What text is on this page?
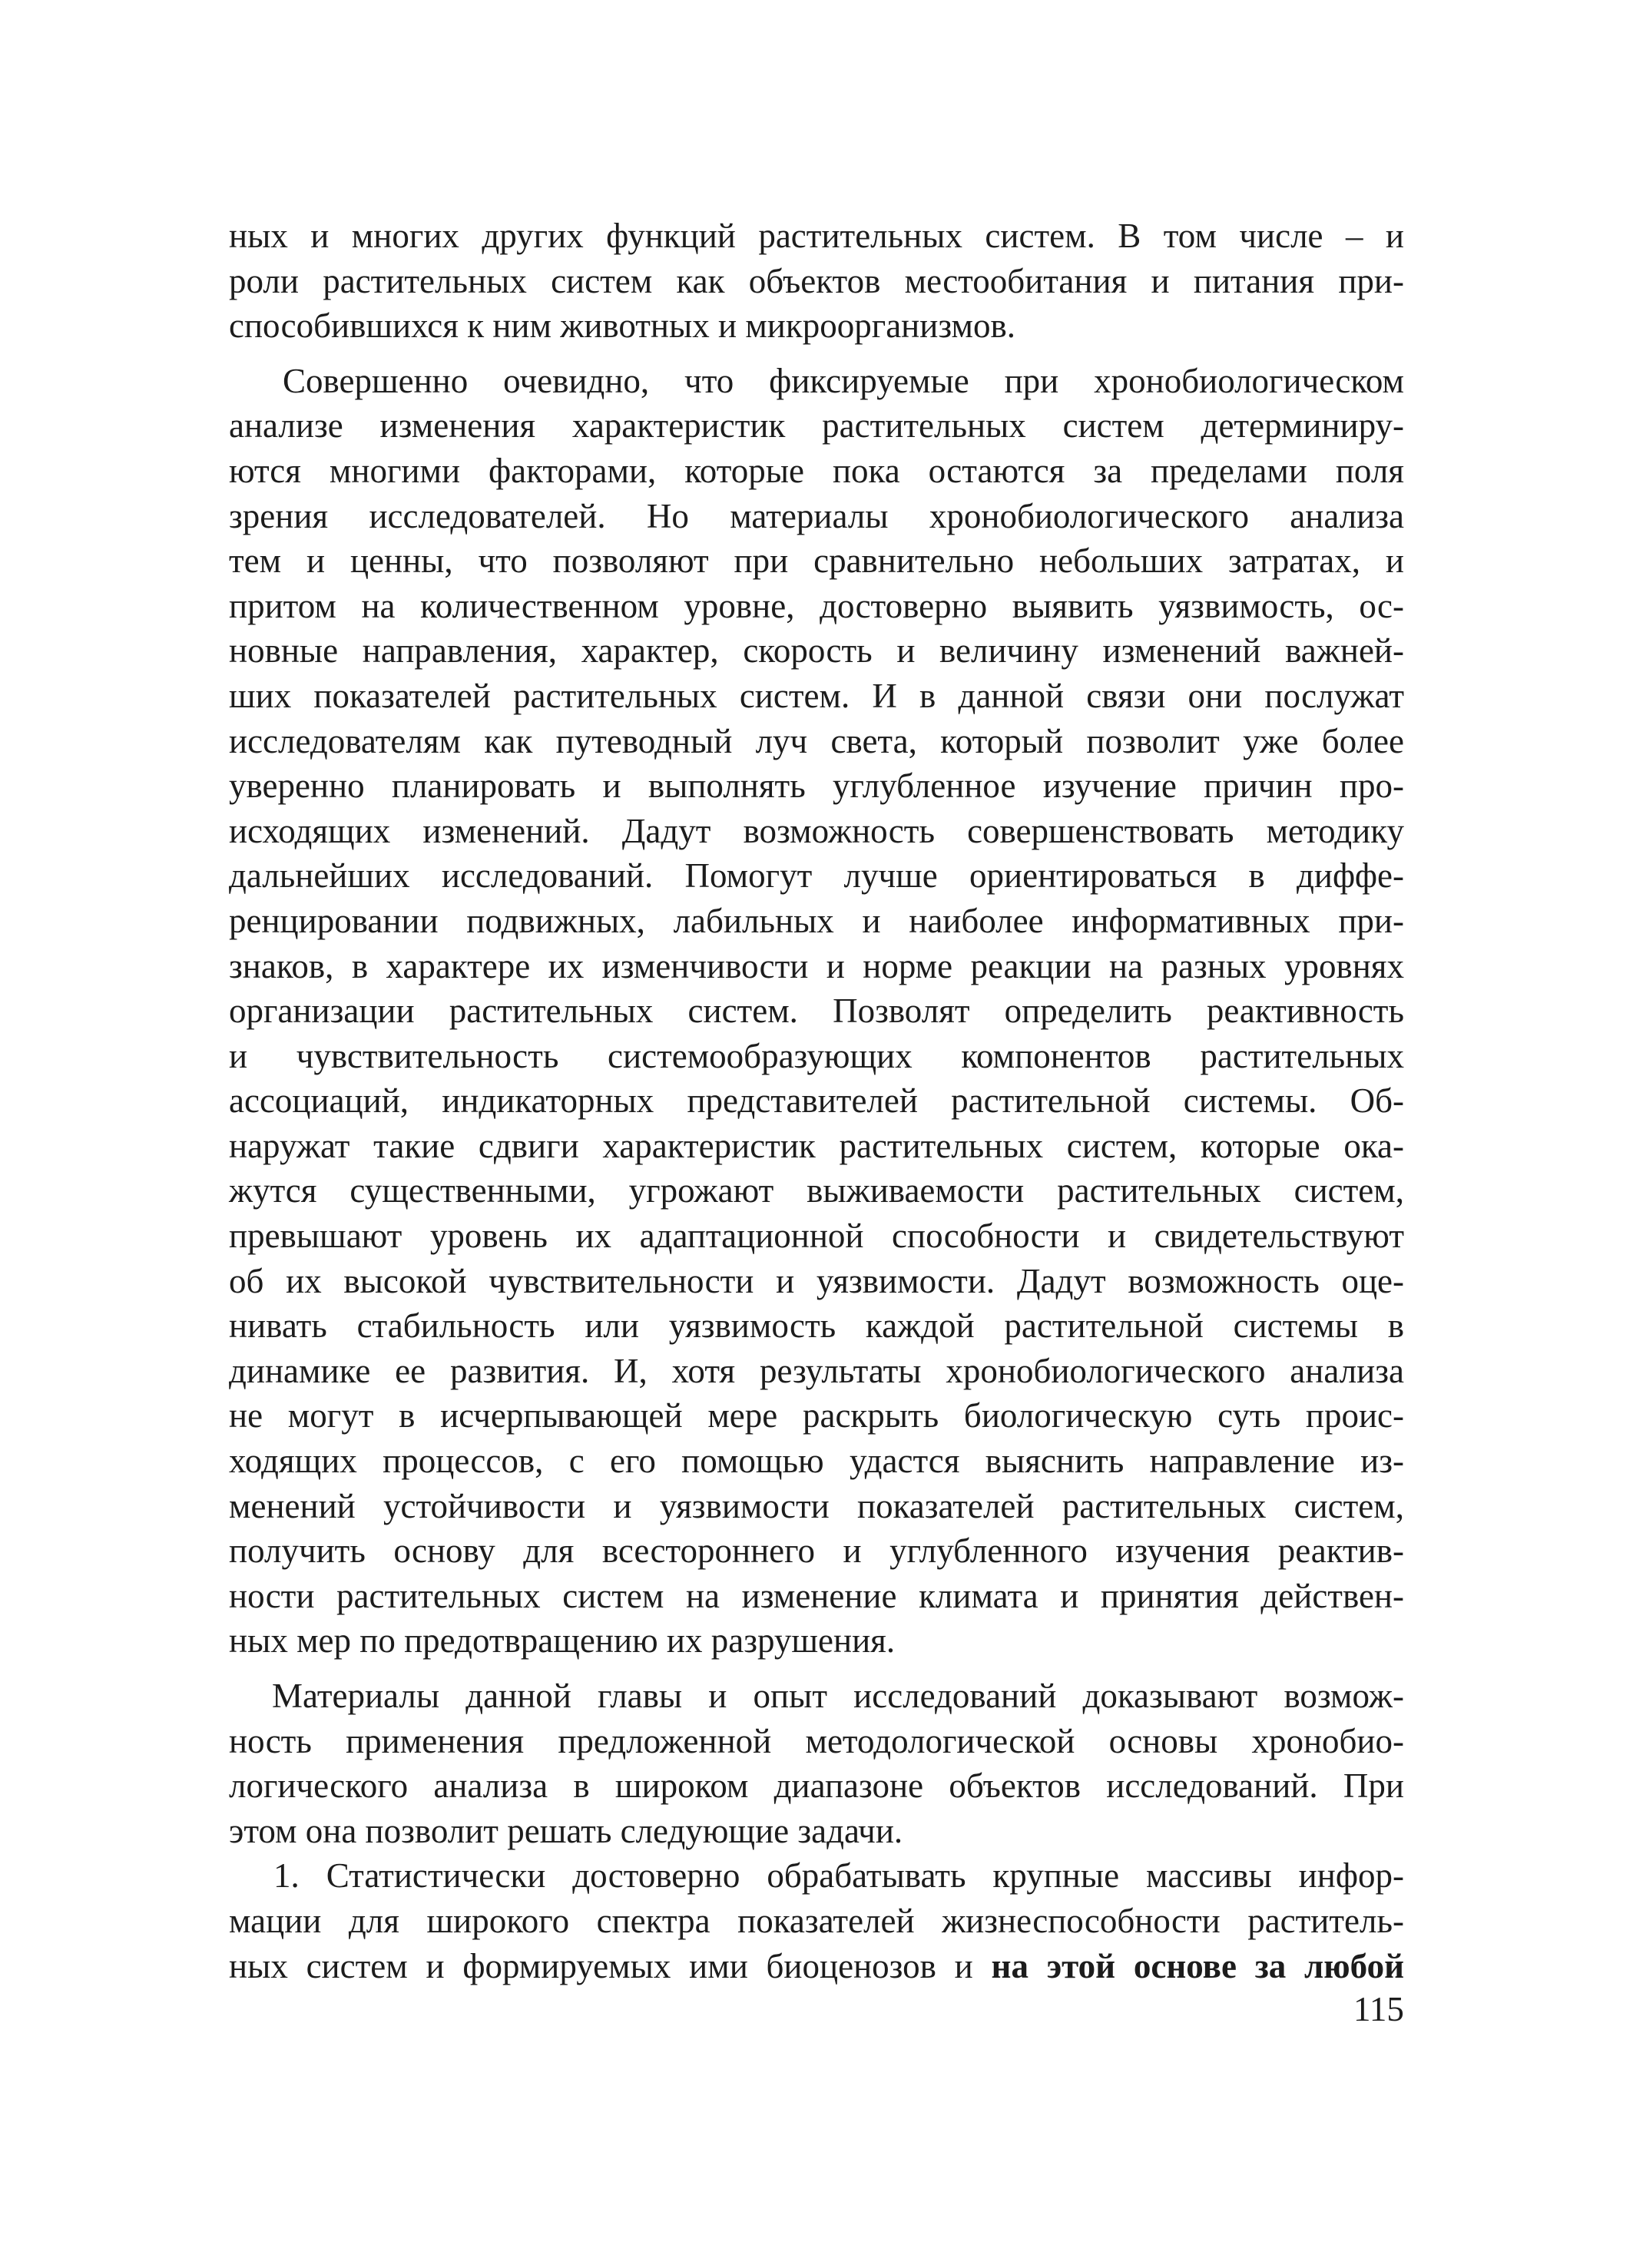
ных и многих других функций растительных систем. В том числе – и
роли растительных систем как объектов местообитания и питания при-
способившихся к ним животных и микроорганизмов.
Совершенно очевидно, что фиксируемые при хронобиологическом
анализе изменения характеристик растительных систем детерминиру-
ются многими факторами, которые пока остаются за пределами поля
зрения исследователей. Но материалы хронобиологического анализа
тем и ценны, что позволяют при сравнительно небольших затратах, и
притом на количественном уровне, достоверно выявить уязвимость, ос-
новные направления, характер, скорость и величину изменений важней-
ших показателей растительных систем. И в данной связи они послужат
исследователям как путеводный луч света, который позволит уже более
уверенно планировать и выполнять углубленное изучение причин про-
исходящих изменений. Дадут возможность совершенствовать методику
дальнейших исследований. Помогут лучше ориентироваться в диффе-
ренцировании подвижных, лабильных и наиболее информативных при-
знаков, в характере их изменчивости и норме реакции на разных уровнях
организации растительных систем. Позволят определить реактивность
и чувствительность системообразующих компонентов растительных
ассоциаций, индикаторных представителей растительной системы. Об-
наружат такие сдвиги характеристик растительных систем, которые ока-
жутся существенными, угрожают выживаемости растительных систем,
превышают уровень их адаптационной способности и свидетельствуют
об их высокой чувствительности и уязвимости. Дадут возможность оце-
нивать стабильность или уязвимость каждой растительной системы в
динамике ее развития. И, хотя результаты хронобиологического анализа
не могут в исчерпывающей мере раскрыть биологическую суть проис-
ходящих процессов, с его помощью удастся выяснить направление из-
менений устойчивости и уязвимости показателей растительных систем,
получить основу для всестороннего и углубленного изучения реактив-
ности растительных систем на изменение климата и принятия действен-
ных мер по предотвращению их разрушения.
Материалы данной главы и опыт исследований доказывают возмож-
ность применения предложенной методологической основы хронобио-
логического анализа в широком диапазоне объектов исследований. При
этом она позволит решать следующие задачи.
1. Статистически достоверно обрабатывать крупные массивы инфор-
мации для широкого спектра показателей жизнеспособности раститель-
ных систем и формируемых ими биоценозов и на этой основе за любой
115
